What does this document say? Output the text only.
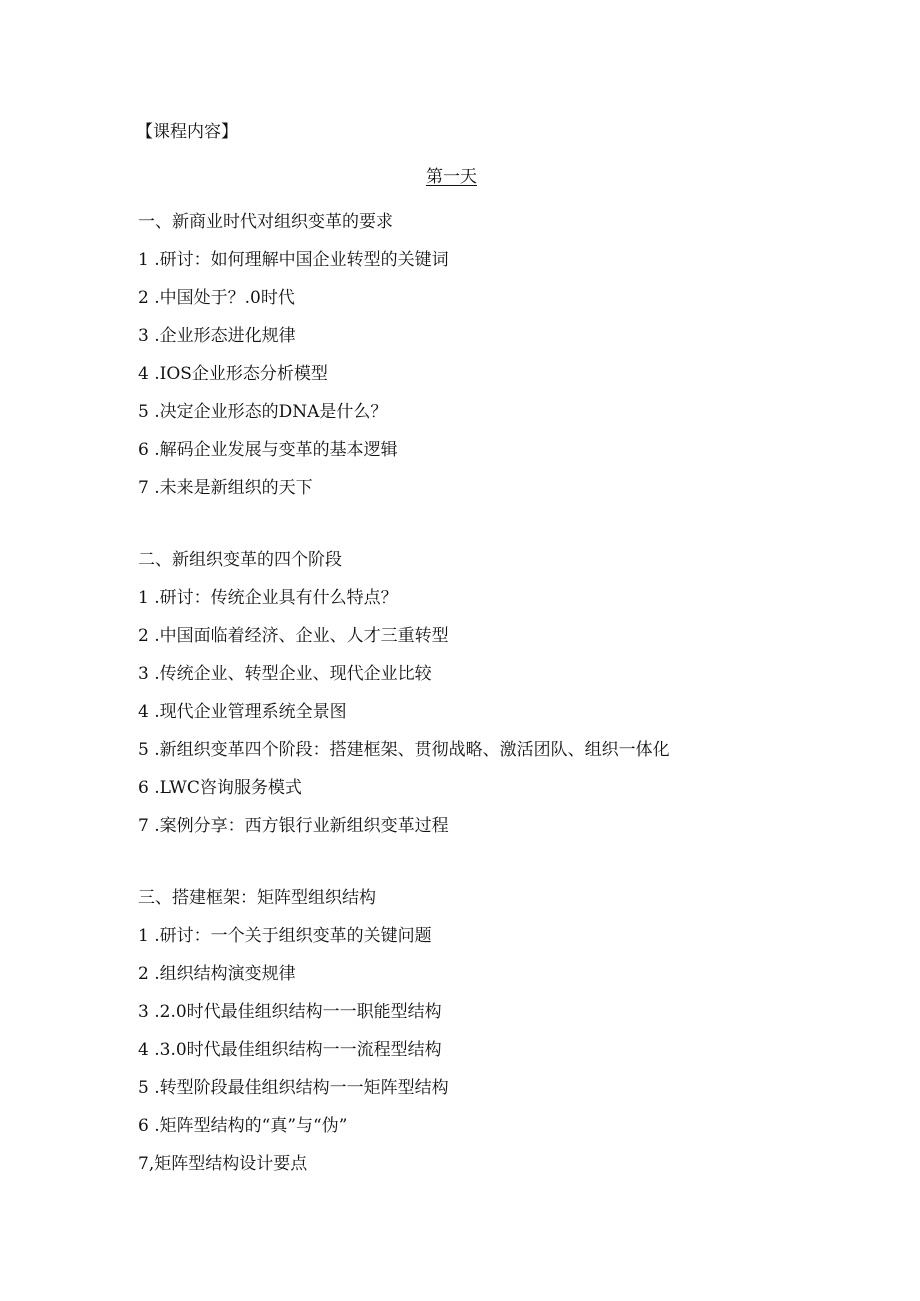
【课程内容】
第一天
一、新商业时代对组织变革的要求
1 .研讨：如何理解中国企业转型的关键词
2 .中国处于？.0时代
3 .企业形态进化规律
4 .IOS企业形态分析模型
5 .决定企业形态的DNA是什么？
6 .解码企业发展与变革的基本逻辑
7 .未来是新组织的天下
二、新组织变革的四个阶段
1 .研讨：传统企业具有什么特点？
2 .中国面临着经济、企业、人才三重转型
3 .传统企业、转型企业、现代企业比较
4 .现代企业管理系统全景图
5 .新组织变革四个阶段：搭建框架、贯彻战略、激活团队、组织一体化
6 .LWC咨询服务模式
7 .案例分享：西方银行业新组织变革过程
三、搭建框架：矩阵型组织结构
1 .研讨：一个关于组织变革的关键问题
2 .组织结构演变规律
3 .2.0时代最佳组织结构一一职能型结构
4 .3.0时代最佳组织结构一一流程型结构
5 .转型阶段最佳组织结构一一矩阵型结构
6 .矩阵型结构的“真”与“伪”
7,矩阵型结构设计要点
